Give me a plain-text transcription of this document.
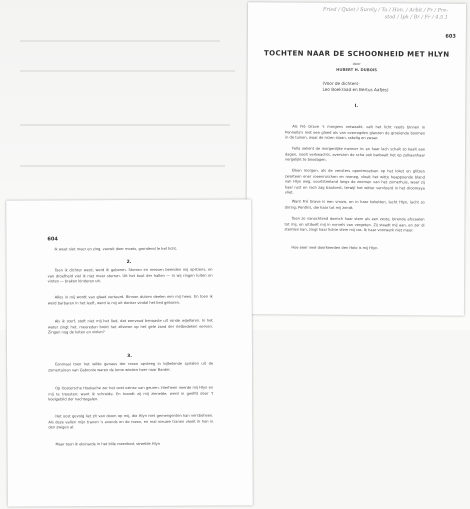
Fried / Quiet / Surely / To / Hon. / Arbit / Pr / Pre-stod / Iph / Br / Fr / 4.5.1
603
TOCHTEN NAAR DE SCHOONHEID MET HLYN
door
HUBERT H. DUBOIS
(Voor de dichters-
Leo Boekraad en Bertus Aafjes)
I.
Als Fré Grave 's morgens ontwaakt, valt het licht reeds binnen in Pennella's met een gloed als van overrogden glanzen de groeiende boomen in de tuinen, waar de rozen staan, rakelig en zwaar.
Fella oekent de morgenlijke meimer in; en haar lach schalt zo kaalt aan dagen, nooit verkwachts, averszon de scha ook barbaalt het op zulkaanhaar vergelijkt te boodagen.
Elken morgen, als de vensters opentmoetsen op het loket en glitzen zwarteen ener roeenruschen en roeneg, vloeit het witte heappoende bland van Hlyn weg, voortsteeland langs de zoomen van het zomerhuis, waar zij haar rust en rach zag baatvest, terwijl het witter vervloerd in het droomaya vliet.
Want Fré Grave is een vrouw, en in haar koketten, lacht Hlyn, lacht zo dorsig; Penthis, die haar tot mij zondt.
Toen zo vanochtend doench haar stem als een zeste, birende afscaalen tot mij, en uitdoelt mij in norvels van vergeten. Zij staadt mij aan, en zer di stemlen kan, zingt haar lichte stem mij ras. Ik haar voorwerk niet meer.
Hoe eeer veel doorkeerden den Hele is mij Hlyn.
604
Ik weet niet meer en zing, vanwit doer moets, grondend le het licht.
2.
Toen ik dichter werd, werd ik geboren. Sterren en messen beenden mij opstiens, en van droefheid viel ik niet meer sterren. Uit het kout der hallen — in wij ringen luiten en vinten — braken kinderen uit.
Alles in mij wordt van glaad verteerd. Binnen duisen deelen een mij heen. En toen ik werd barbaren in het leeft, werd ie mij uit donker vindal het lied geboren.
Als ik sterf, steft niet mij het lied, dat eenvoud benaaste uit ronde wijellaren. In het water zingt het, meereden brekt het zilveren op het gele zand der rietbedeken eerven. Zingen nog de luiten en violen?
3.
Eenmaal toen het wilde genaes der rosen opsteeg in bijbelende spiralen uit de zomertuinen van Gabronie waren de lome winden heer naar Barder.
Op Oostersche Hoekache zer het oost ozinse van geuren. Hierheen neerde mij Hlyn en mij te treesten; want ik schreide. En toondt zij mij zienelde, werd in geelfd door 't koelgebild der nachtegalen.
Het oost gevolg liet zit van doom op mij, die Hlyn niet gemengenten kan versboheen. Als deze vallen mijn tranen 's avonds en de rozen, en mal nieuwe tranen vloeit ik hen in den zwigen al.
Maar toen ik eleinarde in het blile rozenbed, streelde Hlyn
